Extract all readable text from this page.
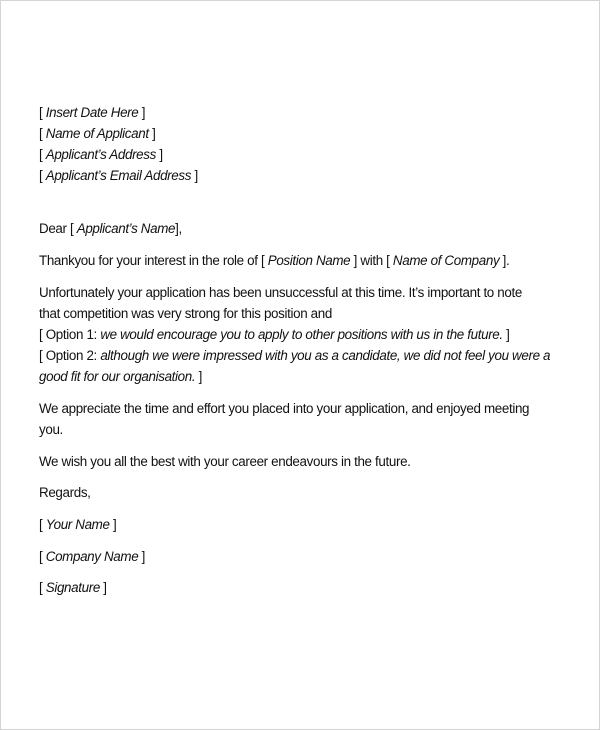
[ Insert Date Here ]
[ Name of Applicant ]
[ Applicant’s Address ]
[ Applicant’s Email Address ]
Dear [ Applicant’s Name],
Thankyou for your interest in the role of [ Position Name ] with [ Name of Company ].
Unfortunately your application has been unsuccessful at this time. It’s important to note
that competition was very strong for this position and
[ Option 1: we would encourage you to apply to other positions with us in the future. ]
[ Option 2: although we were impressed with you as a candidate, we did not feel you were a
good fit for our organisation. ]
We appreciate the time and effort you placed into your application, and enjoyed meeting
you.
We wish you all the best with your career endeavours in the future.
Regards,
[ Your Name ]
[ Company Name ]
[ Signature ]
